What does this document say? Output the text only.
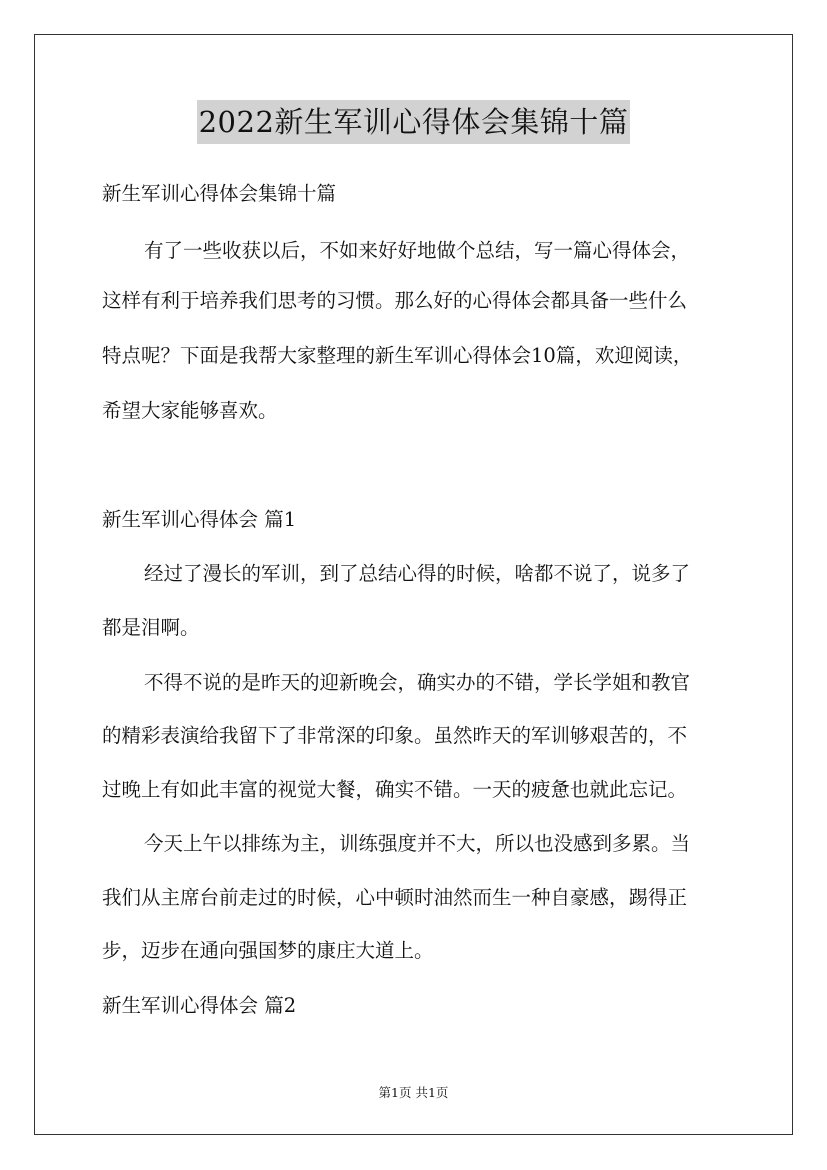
2022新生军训心得体会集锦十篇
新生军训心得体会集锦十篇
有了一些收获以后，不如来好好地做个总结，写一篇心得体会，
这样有利于培养我们思考的习惯。那么好的心得体会都具备一些什么
特点呢？下面是我帮大家整理的新生军训心得体会10篇，欢迎阅读，
希望大家能够喜欢。
新生军训心得体会 篇1
经过了漫长的军训，到了总结心得的时候，啥都不说了，说多了
都是泪啊。
不得不说的是昨天的迎新晚会，确实办的不错，学长学姐和教官
的精彩表演给我留下了非常深的印象。虽然昨天的军训够艰苦的，不
过晚上有如此丰富的视觉大餐，确实不错。一天的疲惫也就此忘记。
今天上午以排练为主，训练强度并不大，所以也没感到多累。当
我们从主席台前走过的时候，心中顿时油然而生一种自豪感，踢得正
步，迈步在通向强国梦的康庄大道上。
新生军训心得体会 篇2
第1页 共1页
